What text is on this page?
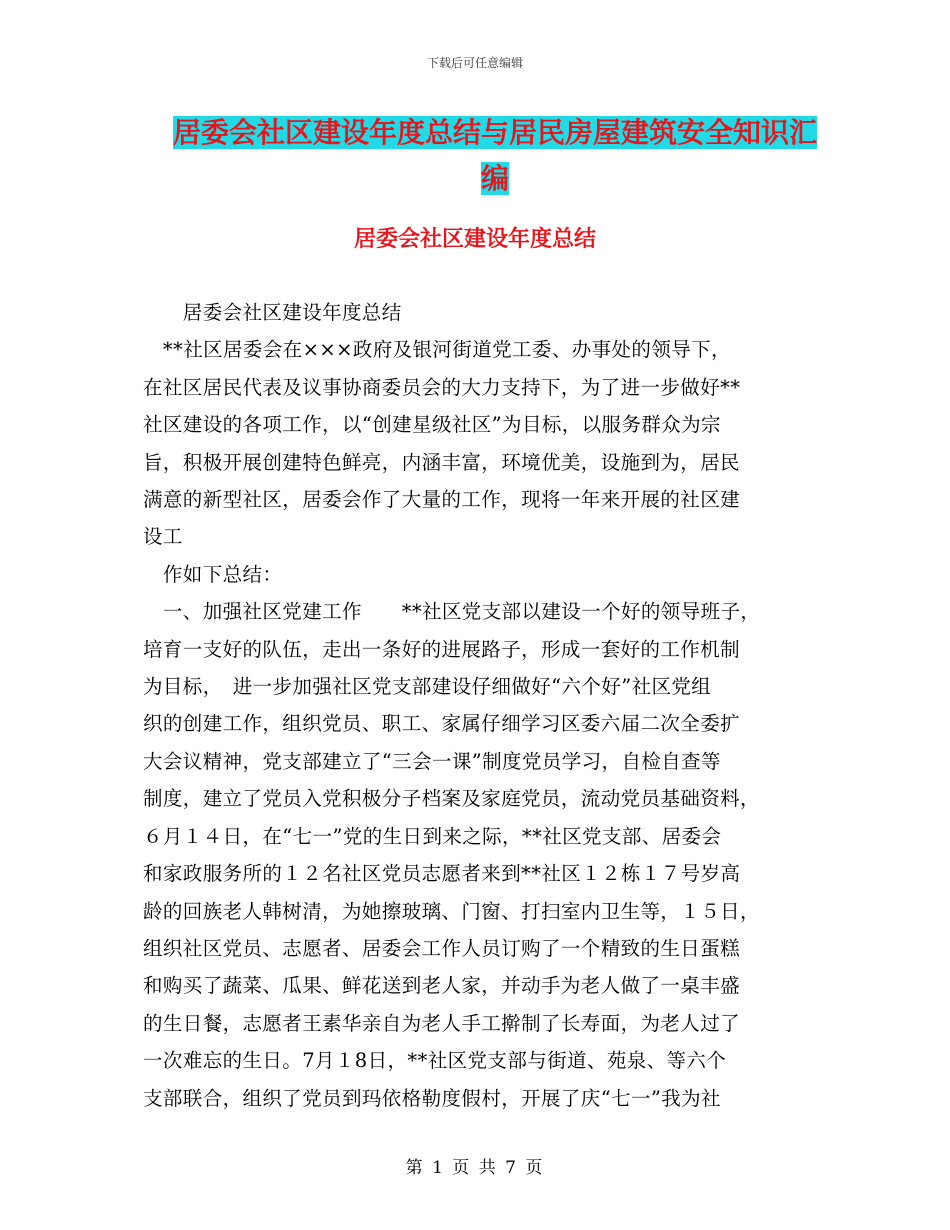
下载后可任意编辑
居委会社区建设年度总结与居民房屋建筑安全知识汇
编
居委会社区建设年度总结
　　居委会社区建设年度总结
　**社区居委会在×××政府及银河街道党工委、办事处的领导下，
在社区居民代表及议事协商委员会的大力支持下，为了进一步做好**
社区建设的各项工作，以“创建星级社区”为目标，以服务群众为宗
旨，积极开展创建特色鲜亮，内涵丰富，环境优美，设施到为，居民
满意的新型社区，居委会作了大量的工作，现将一年来开展的社区建
设工
　作如下总结：
　一、加强社区党建工作　　**社区党支部以建设一个好的领导班子，
培育一支好的队伍，走出一条好的进展路子，形成一套好的工作机制
为目标，　进一步加强社区党支部建设仔细做好“六个好”社区党组
织的创建工作，组织党员、职工、家属仔细学习区委六届二次全委扩
大会议精神，党支部建立了“三会一课”制度党员学习，自检自查等
制度，建立了党员入党积极分子档案及家庭党员，流动党员基础资料，
６月１４日，在“七一”党的生日到来之际，**社区党支部、居委会
和家政服务所的１２名社区党员志愿者来到**社区１２栋１７号岁高
龄的回族老人韩树清，为她擦玻璃、门窗、打扫室内卫生等，１５日，
组织社区党员、志愿者、居委会工作人员订购了一个精致的生日蛋糕
和购买了蔬菜、瓜果、鲜花送到老人家，并动手为老人做了一桌丰盛
的生日餐，志愿者王素华亲自为老人手工擀制了长寿面，为老人过了
一次难忘的生日。7月１8日，**社区党支部与街道、苑泉、等六个
支部联合，组织了党员到玛依格勒度假村，开展了庆“七一”我为社
第 1 页 共 7 页
